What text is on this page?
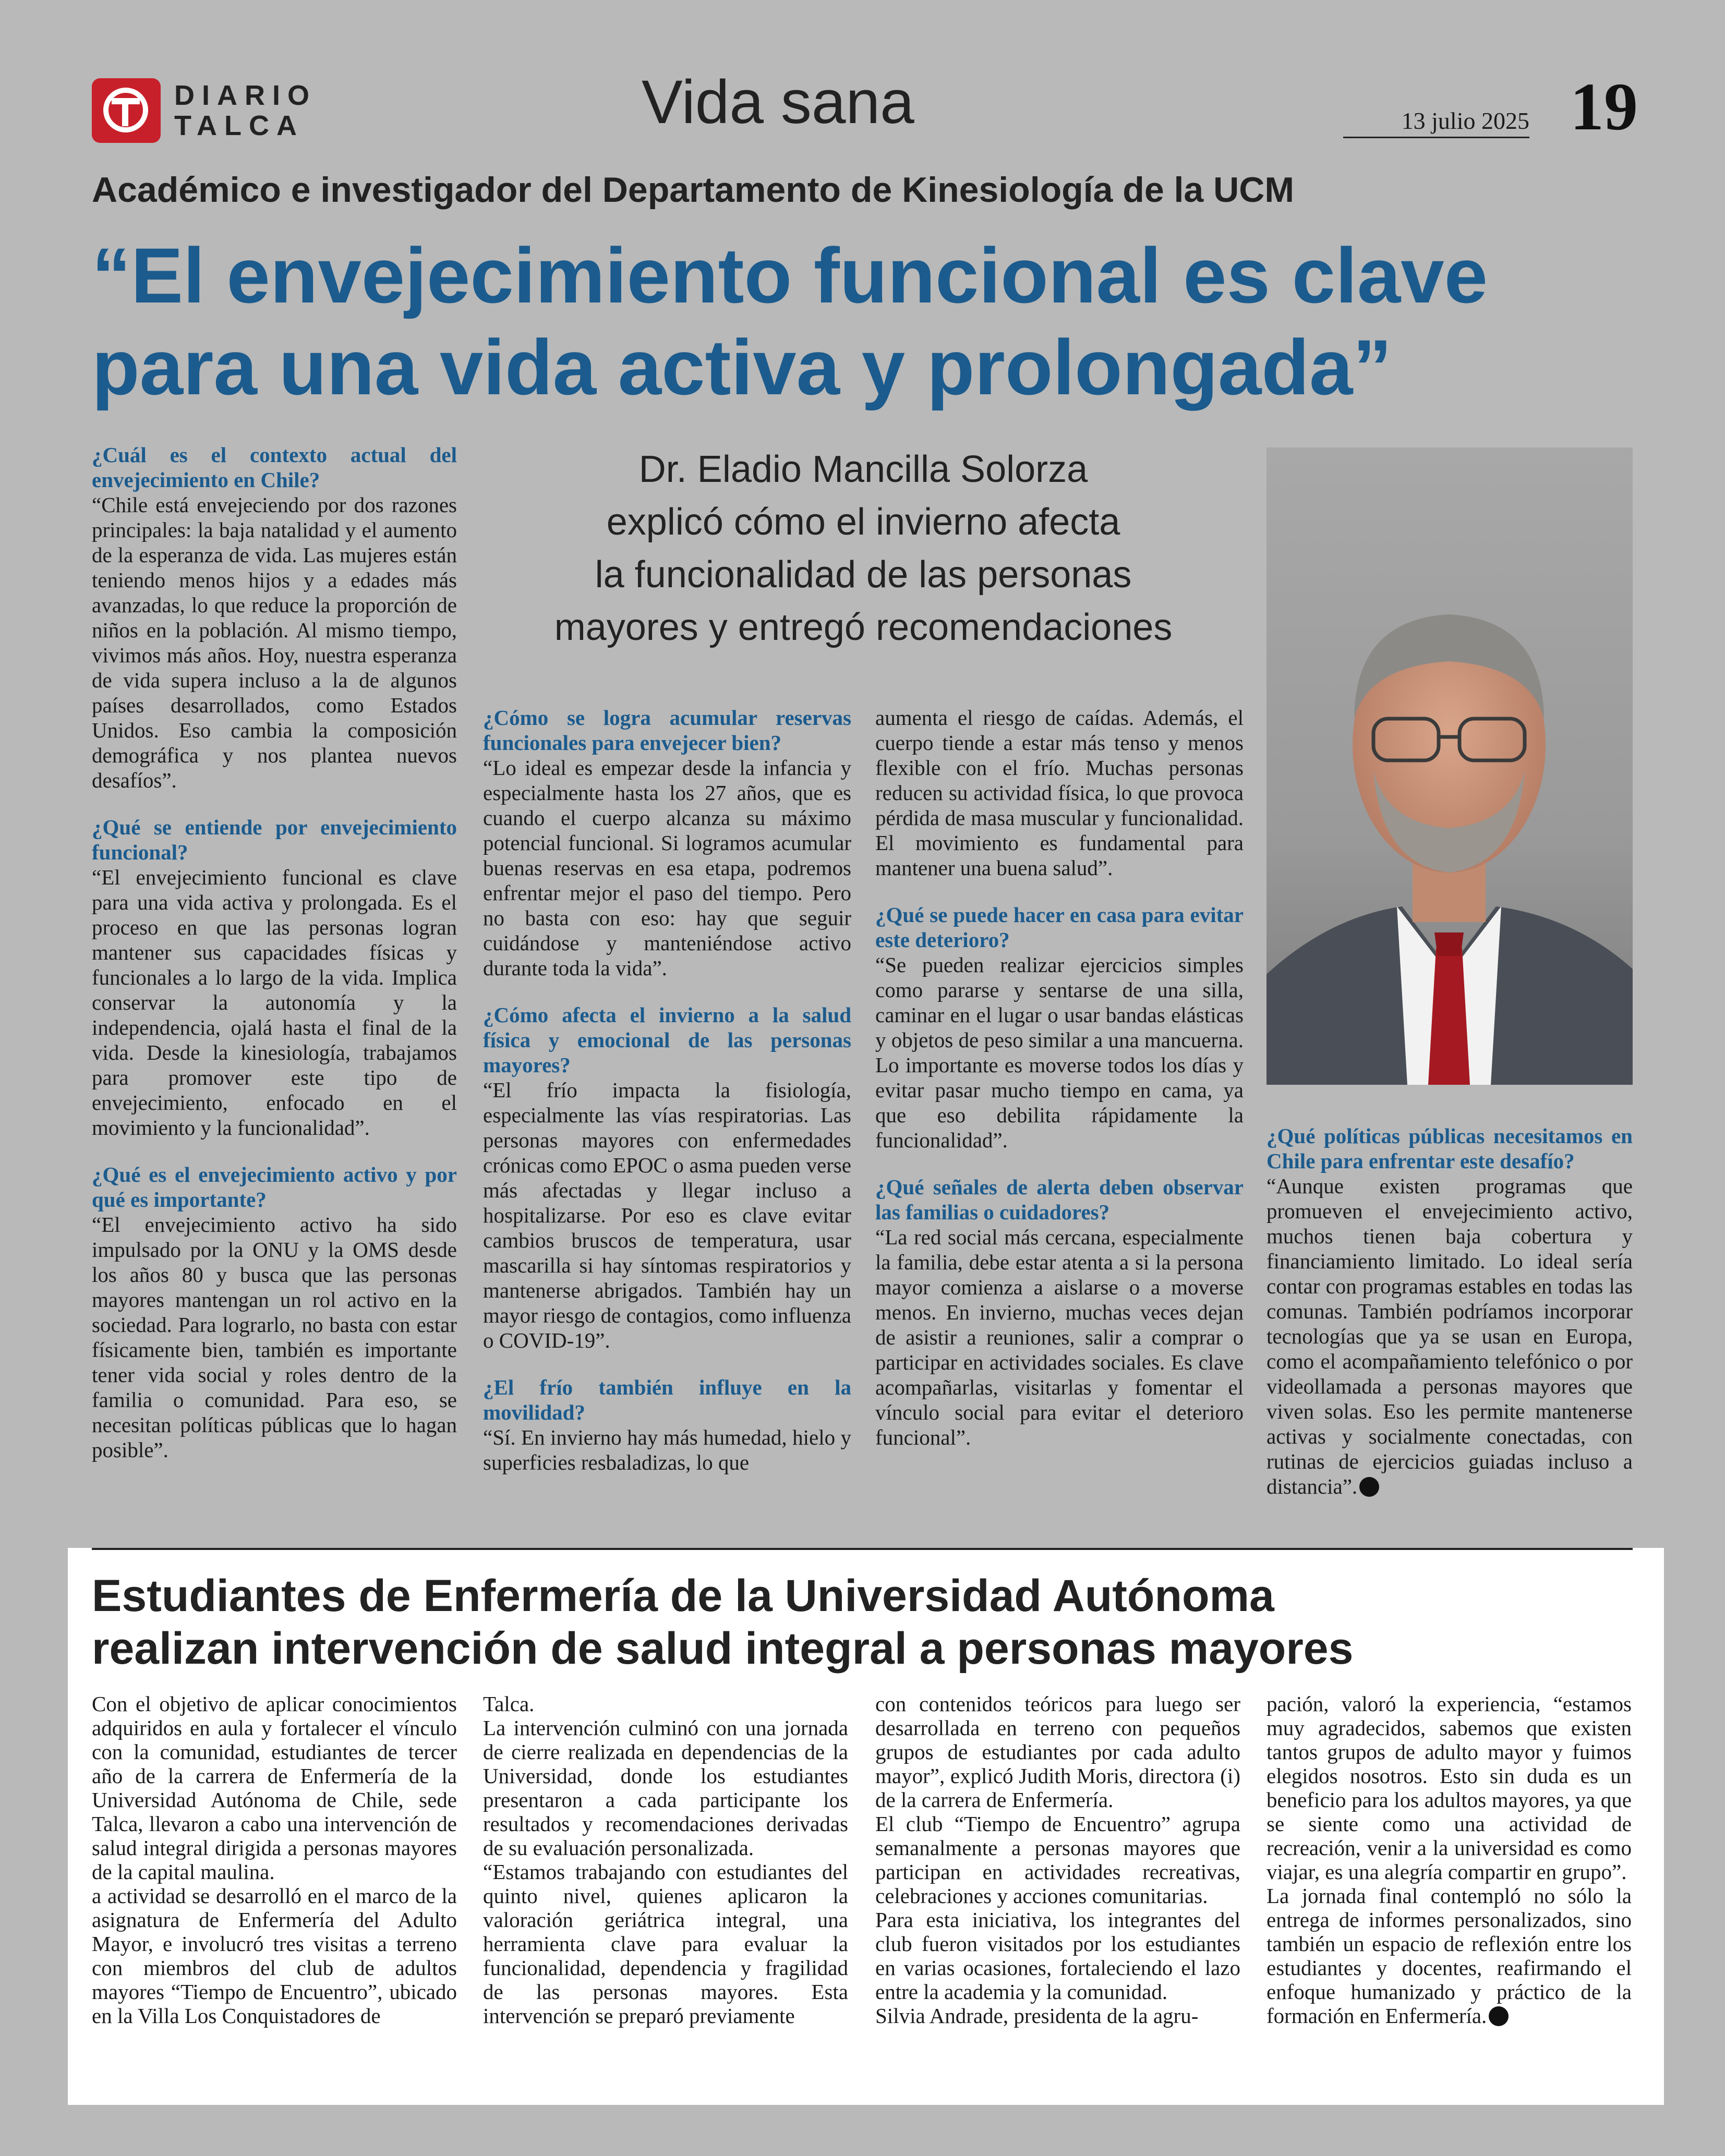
DIARIO
TALCA	Vida sana	13 julio 2025 19
Académico e investigador del Departamento de Kinesiología de la UCM
“El envejecimiento funcional es clave
para una vida activa y prolongada”
Dr. Eladio Mancilla Solorza
explicó cómo el invierno afecta
la funcionalidad de las personas
mayores y entregó recomendaciones
¿Cuál es el contexto actual del envejecimiento en Chile?
“Chile está envejeciendo por dos razones principales: la baja natalidad y el aumento de la esperanza de vida. Las mujeres están teniendo menos hijos y a edades más avanzadas, lo que reduce la proporción de niños en la población. Al mismo tiempo, vivimos más años. Hoy, nuestra esperanza de vida supera incluso a la de algunos países desarrollados, como Estados Unidos. Eso cambia la composición demográfica y nos plantea nuevos desafíos”.
¿Qué se entiende por envejecimiento funcional?
“El envejecimiento funcional es clave para una vida activa y prolongada. Es el proceso en que las personas logran mantener sus capacidades físicas y funcionales a lo largo de la vida. Implica conservar la autonomía y la independencia, ojalá hasta el final de la vida. Desde la kinesiología, trabajamos para promover este tipo de envejecimiento, enfocado en el movimiento y la funcionalidad”.
¿Qué es el envejecimiento activo y por qué es importante?
“El envejecimiento activo ha sido impulsado por la ONU y la OMS desde los años 80 y busca que las personas mayores mantengan un rol activo en la sociedad. Para lograrlo, no basta con estar físicamente bien, también es importante tener vida social y roles dentro de la familia o comunidad. Para eso, se necesitan políticas públicas que lo hagan posible”.
¿Cómo se logra acumular reservas funcionales para envejecer bien?
“Lo ideal es empezar desde la infancia y especialmente hasta los 27 años, que es cuando el cuerpo alcanza su máximo potencial funcional. Si logramos acumular buenas reservas en esa etapa, podremos enfrentar mejor el paso del tiempo. Pero no basta con eso: hay que seguir cuidándose y manteniéndose activo durante toda la vida”.
¿Cómo afecta el invierno a la salud física y emocional de las personas mayores?
“El frío impacta la fisiología, especialmente las vías respiratorias. Las personas mayores con enfermedades crónicas como EPOC o asma pueden verse más afectadas y llegar incluso a hospitalizarse. Por eso es clave evitar cambios bruscos de temperatura, usar mascarilla si hay síntomas respiratorios y mantenerse abrigados. También hay un mayor riesgo de contagios, como influenza o COVID-19”.
¿El frío también influye en la movilidad?
“Sí. En invierno hay más humedad, hielo y superficies resbaladizas, lo que
aumenta el riesgo de caídas. Además, el cuerpo tiende a estar más tenso y menos flexible con el frío. Muchas personas reducen su actividad física, lo que provoca pérdida de masa muscular y funcionalidad. El movimiento es fundamental para mantener una buena salud”.
¿Qué se puede hacer en casa para evitar este deterioro?
“Se pueden realizar ejercicios simples como pararse y sentarse de una silla, caminar en el lugar o usar bandas elásticas y objetos de peso similar a una mancuerna. Lo importante es moverse todos los días y evitar pasar mucho tiempo en cama, ya que eso debilita rápidamente la funcionalidad”.
¿Qué señales de alerta deben observar las familias o cuidadores?
“La red social más cercana, especialmente la familia, debe estar atenta a si la persona mayor comienza a aislarse o a moverse menos. En invierno, muchas veces dejan de asistir a reuniones, salir a comprar o participar en actividades sociales. Es clave acompañarlas, visitarlas y fomentar el vínculo social para evitar el deterioro funcional”.
¿Qué políticas públicas necesitamos en Chile para enfrentar este desafío?
“Aunque existen programas que promueven el envejecimiento activo, muchos tienen baja cobertura y financiamiento limitado. Lo ideal sería contar con programas estables en todas las comunas. También podríamos incorporar tecnologías que ya se usan en Europa, como el acompañamiento telefónico o por videollamada a personas mayores que viven solas. Eso les permite mantenerse activas y socialmente conectadas, con rutinas de ejercicios guiadas incluso a distancia”.
Estudiantes de Enfermería de la Universidad Autónoma
realizan intervención de salud integral a personas mayores
Con el objetivo de aplicar conocimientos adquiridos en aula y fortalecer el vínculo con la comunidad, estudiantes de tercer año de la carrera de Enfermería de la Universidad Autónoma de Chile, sede Talca, llevaron a cabo una intervención de salud integral dirigida a personas mayores de la capital maulina.
a actividad se desarrolló en el marco de la asignatura de Enfermería del Adulto Mayor, e involucró tres visitas a terreno con miembros del club de adultos mayores “Tiempo de Encuentro”, ubicado en la Villa Los Conquistadores de
Talca.
La intervención culminó con una jornada de cierre realizada en dependencias de la Universidad, donde los estudiantes presentaron a cada participante los resultados y recomendaciones derivadas de su evaluación personalizada.
“Estamos trabajando con estudiantes del quinto nivel, quienes aplicaron la valoración geriátrica integral, una herramienta clave para evaluar la funcionalidad, dependencia y fragilidad de las personas mayores. Esta intervención se preparó previamente
con contenidos teóricos para luego ser desarrollada en terreno con pequeños grupos de estudiantes por cada adulto mayor”, explicó Judith Moris, directora (i) de la carrera de Enfermería.
El club “Tiempo de Encuentro” agrupa semanalmente a personas mayores que participan en actividades recreativas, celebraciones y acciones comunitarias.
Para esta iniciativa, los integrantes del club fueron visitados por los estudiantes en varias ocasiones, fortaleciendo el lazo entre la academia y la comunidad.
Silvia Andrade, presidenta de la agru-
pación, valoró la experiencia, “estamos muy agradecidos, sabemos que existen tantos grupos de adulto mayor y fuimos elegidos nosotros. Esto sin duda es un beneficio para los adultos mayores, ya que se siente como una actividad de recreación, venir a la universidad es como viajar, es una alegría compartir en grupo”.
La jornada final contempló no sólo la entrega de informes personalizados, sino también un espacio de reflexión entre los estudiantes y docentes, reafirmando el enfoque humanizado y práctico de la formación en Enfermería.
